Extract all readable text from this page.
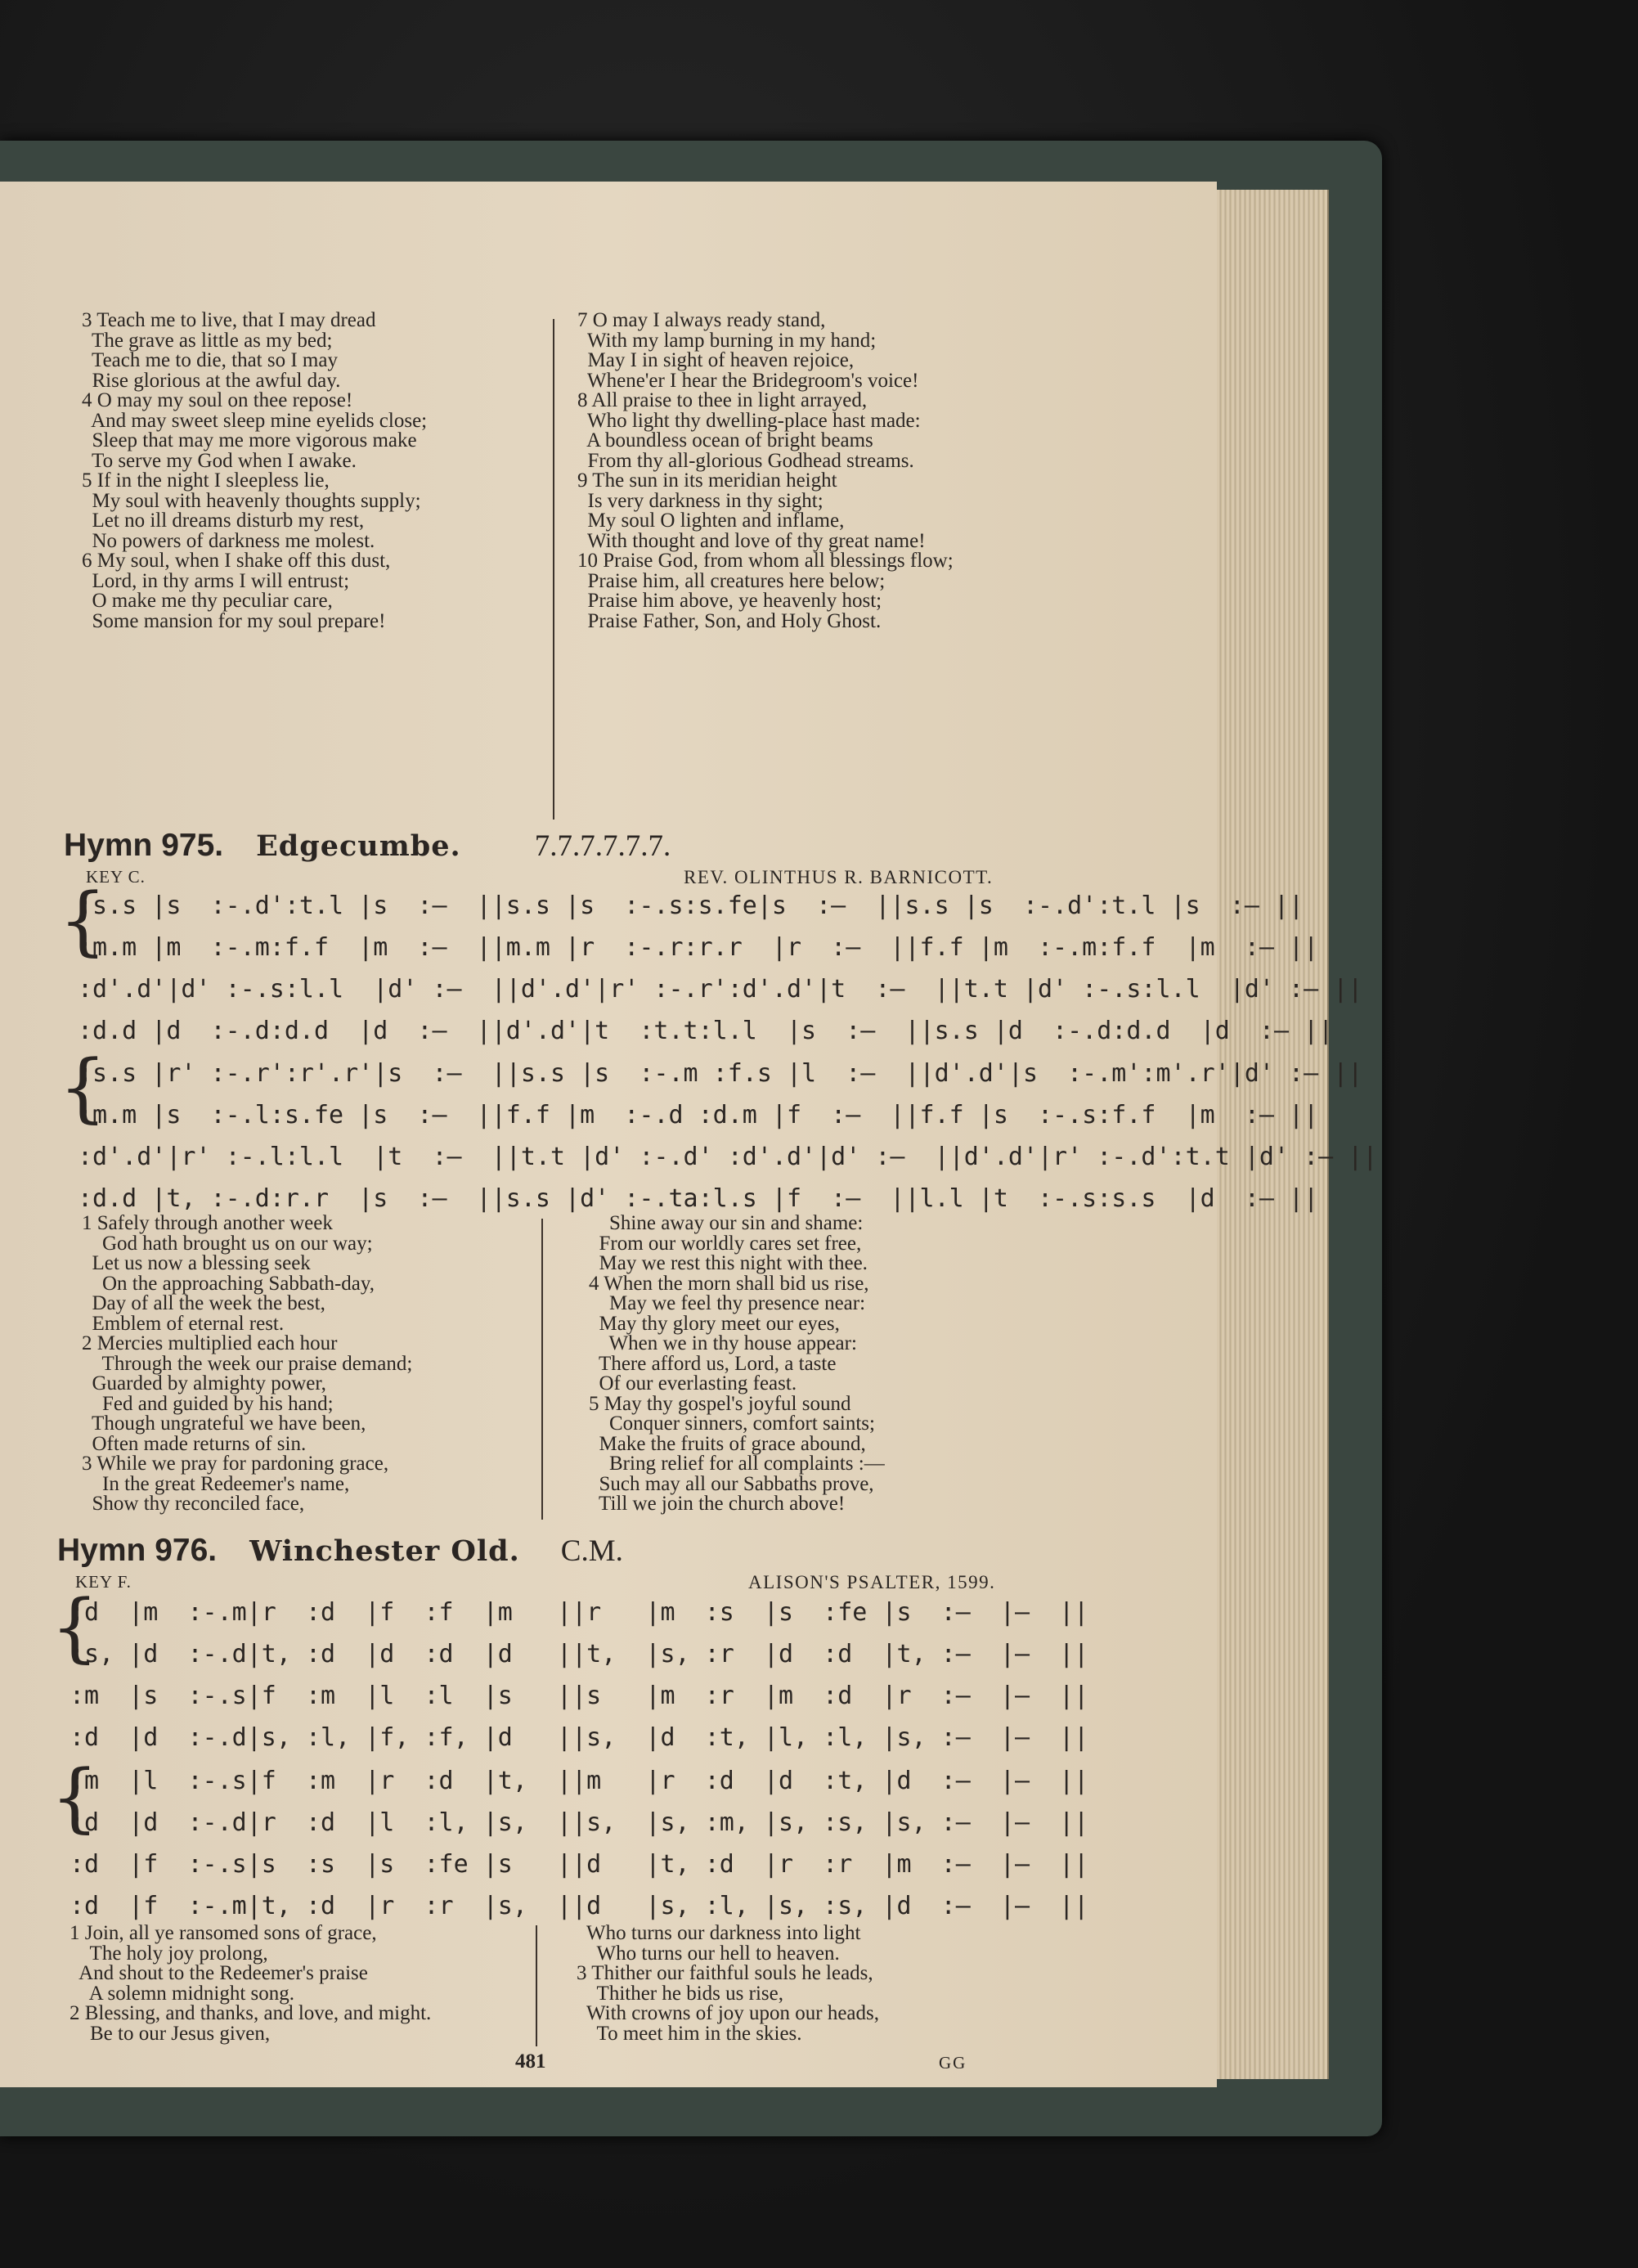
3 Teach me to live, that I may dread
The grave as little as my bed;
Teach me to die, that so I may
Rise glorious at the awful day.
4 O may my soul on thee repose!
And may sweet sleep mine eyelids close;
Sleep that may me more vigorous make
To serve my God when I awake.
5 If in the night I sleepless lie,
My soul with heavenly thoughts supply;
Let no ill dreams disturb my rest,
No powers of darkness me molest.
6 My soul, when I shake off this dust,
Lord, in thy arms I will entrust;
O make me thy peculiar care,
Some mansion for my soul prepare!
7 O may I always ready stand,
With my lamp burning in my hand;
May I in sight of heaven rejoice,
Whene'er I hear the Bridegroom's voice!
8 All praise to thee in light arrayed,
Who light thy dwelling-place hast made:
A boundless ocean of bright beams
From thy all-glorious Godhead streams.
9 The sun in its meridian height
Is very darkness in thy sight;
My soul O lighten and inflame,
With thought and love of thy great name!
10 Praise God, from whom all blessings flow;
Praise him, all creatures here below;
Praise him above, ye heavenly host;
Praise Father, Son, and Holy Ghost.
Hymn 975. Edgecumbe. 7.7.7.7.7.7.
KEY C.	REV. OLINTHUS R. BARNICOTT.
{
:s.s |s  :-.d':t.l |s  :—  ||s.s |s  :-.s:s.fe|s  :—  ||s.s |s  :-.d':t.l |s  :— ||
:m.m |m  :-.m:f.f  |m  :—  ||m.m |r  :-.r:r.r  |r  :—  ||f.f |m  :-.m:f.f  |m  :— ||
:d'.d'|d' :-.s:l.l  |d' :—  ||d'.d'|r' :-.r':d'.d'|t  :—  ||t.t |d' :-.s:l.l  |d' :— ||
:d.d |d  :-.d:d.d  |d  :—  ||d'.d'|t  :t.t:l.l  |s  :—  ||s.s |d  :-.d:d.d  |d  :— ||
{
:s.s |r' :-.r':r'.r'|s  :—  ||s.s |s  :-.m :f.s |l  :—  ||d'.d'|s  :-.m':m'.r'|d' :— ||
:m.m |s  :-.l:s.fe |s  :—  ||f.f |m  :-.d :d.m |f  :—  ||f.f |s  :-.s:f.f  |m  :— ||
:d'.d'|r' :-.l:l.l  |t  :—  ||t.t |d' :-.d' :d'.d'|d' :—  ||d'.d'|r' :-.d':t.t |d' :— ||
:d.d |t, :-.d:r.r  |s  :—  ||s.s |d' :-.ta:l.s |f  :—  ||l.l |t  :-.s:s.s  |d  :— ||
1 Safely through another week
God hath brought us on our way;
Let us now a blessing seek
On the approaching Sabbath-day,
Day of all the week the best,
Emblem of eternal rest.
2 Mercies multiplied each hour
Through the week our praise demand;
Guarded by almighty power,
Fed and guided by his hand;
Though ungrateful we have been,
Often made returns of sin.
3 While we pray for pardoning grace,
In the great Redeemer's name,
Show thy reconciled face,
Shine away our sin and shame:
From our worldly cares set free,
May we rest this night with thee.
4 When the morn shall bid us rise,
May we feel thy presence near:
May thy glory meet our eyes,
When we in thy house appear:
There afford us, Lord, a taste
Of our everlasting feast.
5 May thy gospel's joyful sound
Conquer sinners, comfort saints;
Make the fruits of grace abound,
Bring relief for all complaints :—
Such may all our Sabbaths prove,
Till we join the church above!
Hymn 976. Winchester Old. C.M.
KEY F.	ALISON'S PSALTER, 1599.
{
:d  |m  :-.m|r  :d  |f  :f  |m   ||r   |m  :s  |s  :fe |s  :—  |—  ||
:s, |d  :-.d|t, :d  |d  :d  |d   ||t,  |s, :r  |d  :d  |t, :—  |—  ||
:m  |s  :-.s|f  :m  |l  :l  |s   ||s   |m  :r  |m  :d  |r  :—  |—  ||
:d  |d  :-.d|s, :l, |f, :f, |d   ||s,  |d  :t, |l, :l, |s, :—  |—  ||
{
:m  |l  :-.s|f  :m  |r  :d  |t,  ||m   |r  :d  |d  :t, |d  :—  |—  ||
:d  |d  :-.d|r  :d  |l  :l, |s,  ||s,  |s, :m, |s, :s, |s, :—  |—  ||
:d  |f  :-.s|s  :s  |s  :fe |s   ||d   |t, :d  |r  :r  |m  :—  |—  ||
:d  |f  :-.m|t, :d  |r  :r  |s,  ||d   |s, :l, |s, :s, |d  :—  |—  ||
1 Join, all ye ransomed sons of grace,
The holy joy prolong,
And shout to the Redeemer's praise
A solemn midnight song.
2 Blessing, and thanks, and love, and might.
Be to our Jesus given,
Who turns our darkness into light
Who turns our hell to heaven.
3 Thither our faithful souls he leads,
Thither he bids us rise,
With crowns of joy upon our heads,
To meet him in the skies.
481	GG
